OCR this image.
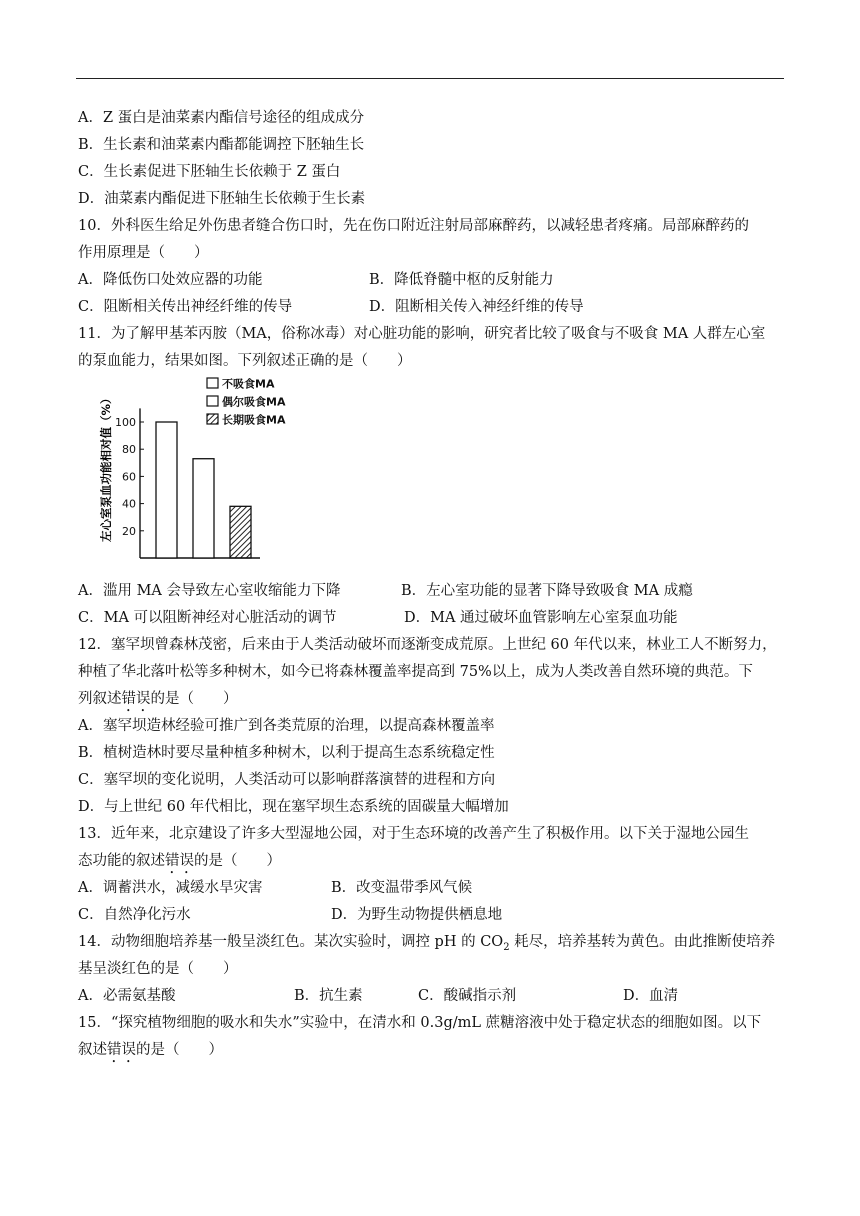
A．Z 蛋白是油菜素内酯信号途径的组成成分
B．生长素和油菜素内酯都能调控下胚轴生长
C．生长素促进下胚轴生长依赖于 Z 蛋白
D．油菜素内酯促进下胚轴生长依赖于生长素
10．外科医生给足外伤患者缝合伤口时，先在伤口附近注射局部麻醉药，以减轻患者疼痛。局部麻醉药的
作用原理是（　　）
A．降低伤口处效应器的功能	B．降低脊髓中枢的反射能力
C．阻断相关传出神经纤维的传导	D．阻断相关传入神经纤维的传导
11．为了解甲基苯丙胺（MA，俗称冰毒）对心脏功能的影响，研究者比较了吸食与不吸食 MA 人群左心室
的泵血能力，结果如图。下列叙述正确的是（　　）
左心室泵血功能相对值（%） 20
40
60
80
100
不吸食MA
偶尔吸食MA
长期吸食MA
A．滥用 MA 会导致左心室收缩能力下降	B．左心室功能的显著下降导致吸食 MA 成瘾
C．MA 可以阻断神经对心脏活动的调节	D．MA 通过破坏血管影响左心室泵血功能
12．塞罕坝曾森林茂密，后来由于人类活动破坏而逐渐变成荒原。上世纪 60 年代以来，林业工人不断努力，
种植了华北落叶松等多种树木，如今已将森林覆盖率提高到 75%以上，成为人类改善自然环境的典范。下
列叙述错误的是（　　）
A．塞罕坝造林经验可推广到各类荒原的治理，以提高森林覆盖率
B．植树造林时要尽量种植多种树木，以利于提高生态系统稳定性
C．塞罕坝的变化说明，人类活动可以影响群落演替的进程和方向
D．与上世纪 60 年代相比，现在塞罕坝生态系统的固碳量大幅增加
13．近年来，北京建设了许多大型湿地公园，对于生态环境的改善产生了积极作用。以下关于湿地公园生
态功能的叙述错误的是（　　）
A．调蓄洪水，减缓水旱灾害	B．改变温带季风气候
C．自然净化污水	D．为野生动物提供栖息地
14．动物细胞培养基一般呈淡红色。某次实验时，调控 pH 的 $CO_2$ 耗尽，培养基转为黄色。由此推断使培养
基呈淡红色的是（　　）
A．必需氨基酸	B．抗生素	C．酸碱指示剂	D．血清
15．“探究植物细胞的吸水和失水”实验中，在清水和 0.3g/mL 蔗糖溶液中处于稳定状态的细胞如图。以下
叙述错误的是（　　）
